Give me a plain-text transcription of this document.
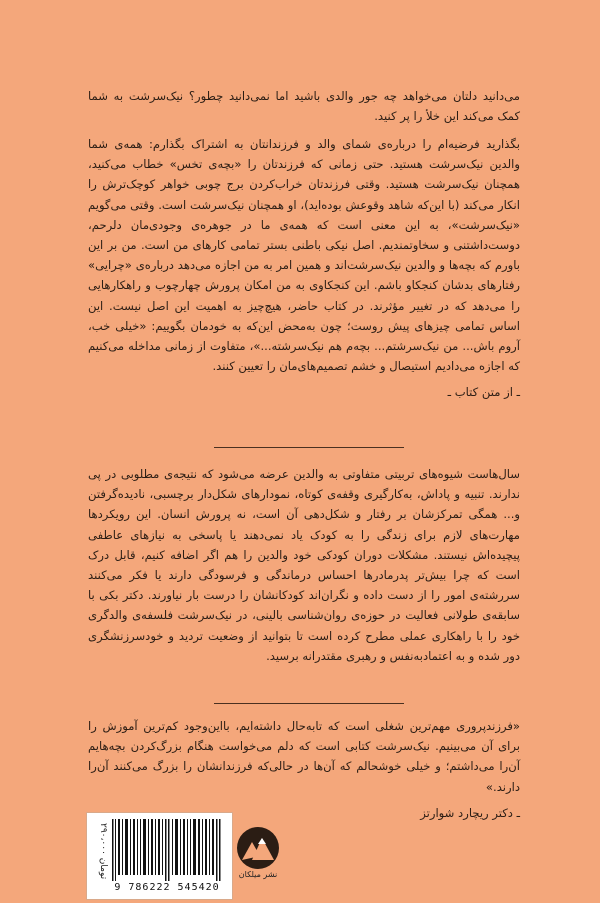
می‌دانید دلتان می‌خواهد چه جور والدی باشید اما نمی‌دانید چطور؟ نیک‌سرشت به شما کمک می‌کند این خلأ را پر کنید.

بگذارید فرضیه‌ام را درباره‌ی شمای والد و فرزندانتان به اشتراک بگذارم: همه‌ی شما والدین نیک‌سرشت هستید. حتی زمانی که فرزندتان را «بچه‌ی تخس» خطاب می‌کنید، همچنان نیک‌سرشت هستید. وقتی فرزندتان خراب‌کردن برج چوبی خواهر کوچک‌ترش را انکار می‌کند (با این‌که شاهد وقوعش بوده‌اید)، او همچنان نیک‌سرشت است. وقتی می‌گویم «نیک‌سرشت»، به این معنی است که همه‌ی ما در جوهره‌ی وجودی‌مان دلرحم، دوست‌داشتنی و سخاوتمندیم. اصل نیکی باطنی بستر تمامی کارهای من است. من بر این باورم که بچه‌ها و والدین نیک‌سرشت‌اند و همین امر به من اجازه می‌دهد درباره‌ی «چرایی» رفتارهای بدشان کنجکاو باشم. این کنجکاوی به من امکان پرورش چهارچوب و راهکارهایی را می‌دهد که در تغییر مؤثرند. در کتاب حاضر، هیچ‌چیز به اهمیت این اصل نیست. این اساس تمامی چیزهای پیش روست؛ چون به‌محض این‌که به خودمان بگوییم: «خیلی خب، آروم باش... من نیک‌سرشتم... بچه‌م هم نیک‌سرشته...»، متفاوت از زمانی مداخله می‌کنیم که اجازه می‌دادیم استیصال و خشم تصمیم‌های‌مان را تعیین کنند.

ـ از متن کتاب ـ

سال‌هاست شیوه‌های تربیتی متفاوتی به والدین عرضه می‌شود که نتیجه‌ی مطلوبی در پی ندارند. تنبیه و پاداش، به‌کارگیری وقفه‌ی کوتاه، نمودارهای شکل‌دار برچسبی، نادیده‌گرفتن و... همگی تمرکزشان بر رفتار و شکل‌دهی آن است، نه پرورش انسان. این رویکردها مهارت‌های لازم برای زندگی را به کودک یاد نمی‌دهند یا پاسخی به نیازهای عاطفی پیچیده‌اش نیستند. مشکلات دوران کودکی خود والدین را هم اگر اضافه کنیم، قابل درک است که چرا بیش‌تر پدرمادرها احساس درماندگی و فرسودگی دارند یا فکر می‌کنند سررشته‌ی امور را از دست داده و نگران‌اند کودکانشان را درست بار نیاورند. دکتر بکی با سابقه‌ی طولانی فعالیت در حوزه‌ی روان‌شناسی بالینی، در نیک‌سرشت فلسفه‌ی والدگری خود را با راهکاری عملی مطرح کرده است تا بتوانید از وضعیت تردید و خودسرزنشگری دور شده و به اعتمادبه‌نفس و رهبری مقتدرانه برسید.

«فرزندپروری مهم‌ترین شغلی است که تابه‌حال داشته‌ایم، بااین‌وجود کم‌ترین آموزش را برای آن می‌بینیم. نیک‌سرشت کتابی است که دلم می‌خواست هنگام بزرگ‌کردن بچه‌هایم آن‌را می‌داشتم؛ و خیلی خوشحالم که آن‌ها در حالی‌که فرزندانشان را بزرگ می‌کنند آن‌را دارند.»

ـ دکتر ریچارد شوارتز
۲۹۰،۰۰۰ تومان
9 786222 545420
نشر میلکان
